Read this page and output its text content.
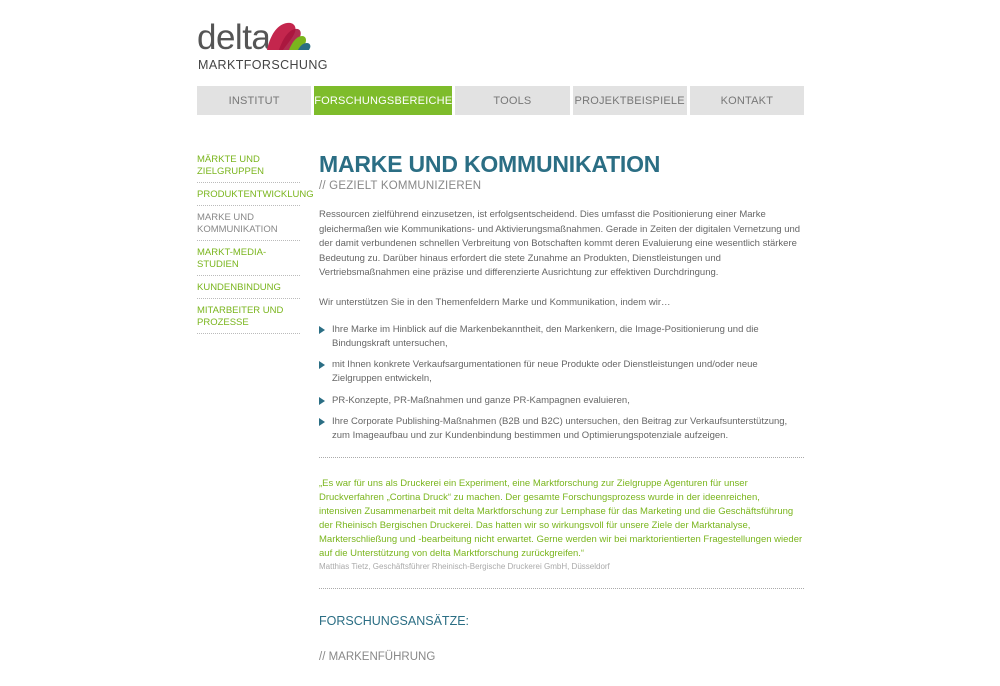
delta
MARKTFORSCHUNG
INSTITUT	FORSCHUNGSBEREICHE	TOOLS	PROJEKTBEISPIELE	KONTAKT
MÄRKTE UND ZIELGRUPPEN
PRODUKTENTWICKLUNG
MARKE UND KOMMUNIKATION
MARKT-MEDIA-STUDIEN
KUNDENBINDUNG
MITARBEITER UND PROZESSE
MARKE UND KOMMUNIKATION
// GEZIELT KOMMUNIZIEREN
Ressourcen zielführend einzusetzen, ist erfolgsentscheidend. Dies umfasst die Positionierung einer Marke gleichermaßen wie Kommunikations- und Aktivierungsmaßnahmen. Gerade in Zeiten der digitalen Vernetzung und der damit verbundenen schnellen Verbreitung von Botschaften kommt deren Evaluierung eine wesentlich stärkere Bedeutung zu. Darüber hinaus erfordert die stete Zunahme an Produkten, Dienstleistungen und Vertriebsmaßnahmen eine präzise und differenzierte Ausrichtung zur effektiven Durchdringung.
Wir unterstützen Sie in den Themenfeldern Marke und Kommunikation, indem wir…
Ihre Marke im Hinblick auf die Markenbekanntheit, den Markenkern, die Image-Positionierung und die Bindungskraft untersuchen,
mit Ihnen konkrete Verkaufsargumentationen für neue Produkte oder Dienstleistungen und/oder neue Zielgruppen entwickeln,
PR-Konzepte, PR-Maßnahmen und ganze PR-Kampagnen evaluieren,
Ihre Corporate Publishing-Maßnahmen (B2B und B2C) untersuchen, den Beitrag zur Verkaufsunterstützung, zum Imageaufbau und zur Kundenbindung bestimmen und Optimierungspotenziale aufzeigen.
„Es war für uns als Druckerei ein Experiment, eine Marktforschung zur Zielgruppe Agenturen für unser Druckverfahren „Cortina Druck“ zu machen. Der gesamte Forschungsprozess wurde in der ideenreichen, intensiven Zusammenarbeit mit delta Marktforschung zur Lernphase für das Marketing und die Geschäftsführung der Rheinisch Bergischen Druckerei. Das hatten wir so wirkungsvoll für unsere Ziele der Marktanalyse, Markterschließung und -bearbeitung nicht erwartet. Gerne werden wir bei marktorientierten Fragestellungen wieder auf die Unterstützung von delta Marktforschung zurückgreifen.“
Matthias Tietz, Geschäftsführer Rheinisch-Bergische Druckerei GmbH, Düsseldorf
FORSCHUNGSANSÄTZE:
// MARKENFÜHRUNG
